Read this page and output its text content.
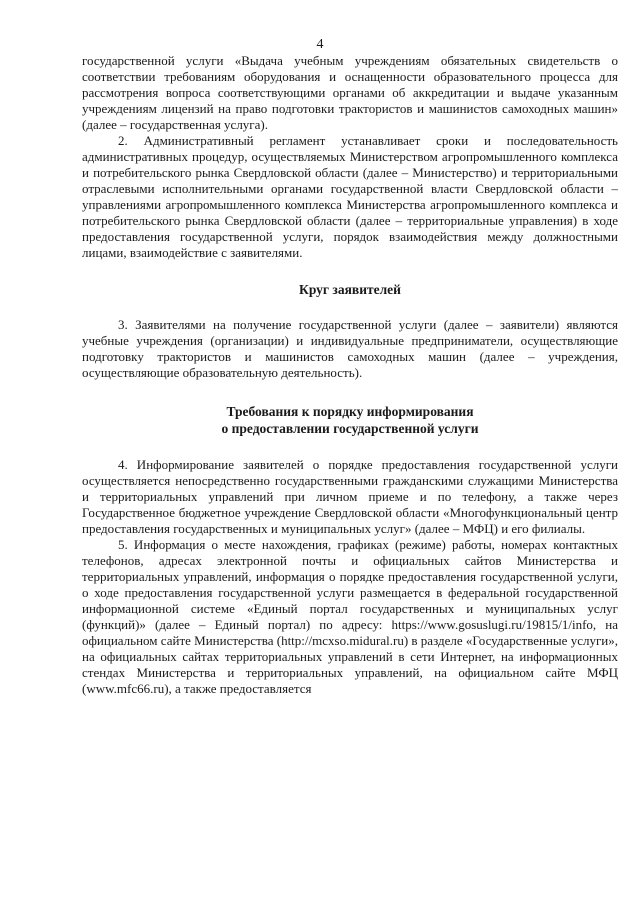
4

государственной услуги «Выдача учебным учреждениям обязательных свидетельств о соответствии требованиям оборудования и оснащенности образовательного процесса для рассмотрения вопроса соответствующими органами об аккредитации и выдаче указанным учреждениям лицензий на право подготовки трактористов и машинистов самоходных машин» (далее – государственная услуга).

2. Административный регламент устанавливает сроки и последовательность административных процедур, осуществляемых Министерством агропромышленного комплекса и потребительского рынка Свердловской области (далее – Министерство) и территориальными отраслевыми исполнительными органами государственной власти Свердловской области – управлениями агропромышленного комплекса Министерства агропромышленного комплекса и потребительского рынка Свердловской области (далее – территориальные управления) в ходе предоставления государственной услуги, порядок взаимодействия между должностными лицами, взаимодействие с заявителями.

Круг заявителей

3. Заявителями на получение государственной услуги (далее – заявители) являются учебные учреждения (организации) и индивидуальные предприниматели, осуществляющие подготовку трактористов и машинистов самоходных машин (далее – учреждения, осуществляющие образовательную деятельность).

Требования к порядку информирования
о предоставлении государственной услуги

4. Информирование заявителей о порядке предоставления государственной услуги осуществляется непосредственно государственными гражданскими служащими Министерства и территориальных управлений при личном приеме и по телефону, а также через Государственное бюджетное учреждение Свердловской области «Многофункциональный центр предоставления государственных и муниципальных услуг» (далее – МФЦ) и его филиалы.

5. Информация о месте нахождения, графиках (режиме) работы, номерах контактных телефонов, адресах электронной почты и официальных сайтов Министерства и территориальных управлений, информация о порядке предоставления государственной услуги, о ходе предоставления государственной услуги размещается в федеральной государственной информационной системе «Единый портал государственных и муниципальных услуг (функций)» (далее – Единый портал) по адресу: https://www.gosuslugi.ru/19815/1/info, на официальном сайте Министерства (http://mcxso.midural.ru) в разделе «Государственные услуги», на официальных сайтах территориальных управлений в сети Интернет, на информационных стендах Министерства и территориальных управлений, на официальном сайте МФЦ (www.mfc66.ru), а также предоставляется
